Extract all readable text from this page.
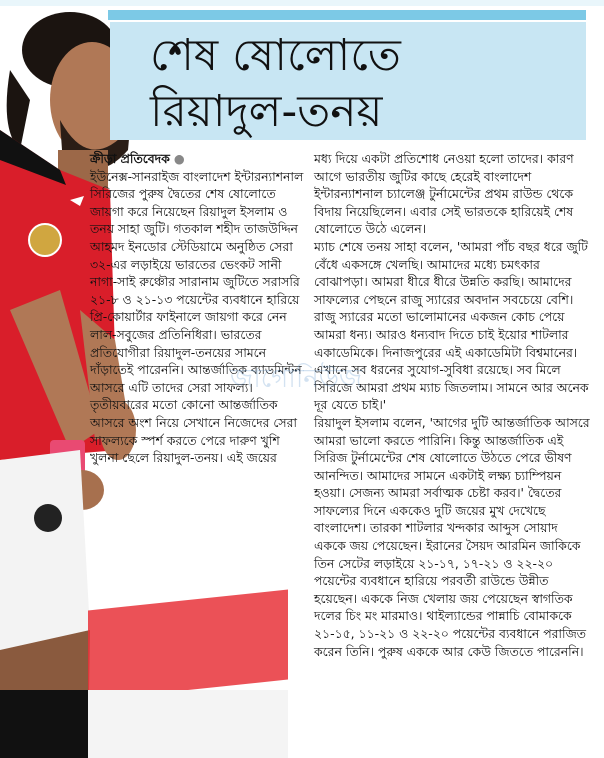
শেষ ষোলোতে
রিয়াদুল-তনয়

ক্রীড়া প্রতিবেদক ●

ইউনেক্স-সানরাইজ বাংলাদেশ ইন্টারন্যাশনাল সিরিজের পুরুষ দ্বৈতের শেষ ষোলোতে জায়গা করে নিয়েছেন রিয়াদুল ইসলাম ও তনয় সাহা জুটি। গতকাল শহীদ তাজউদ্দিন আহমদ ইনডোর স্টেডিয়ামে অনুষ্ঠিত সেরা ৩২-এর লড়াইয়ে ভারতের ভেংকট সানী নাগা-সাই রুঞ্চৌর সারানাম জুটিতে সরাসরি ২১-৮ ও ২১-১৩ পয়েন্টের ব্যবধানে হারিয়ে প্রি-কোয়ার্টার ফাইনালে জায়গা করে নেন লাল-সবুজের প্রতিনিধিরা। ভারতের প্রতিযোগীরা রিয়াদুল-তনয়ের সামনে দাঁড়াতেই পারেননি। আন্তর্জাতিক ব্যাডমিন্টন আসরে এটি তাদের সেরা সাফল্য।

তৃতীয়বারের মতো কোনো আন্তর্জাতিক আসরে অংশ নিয়ে সেখানে নিজেদের সেরা সাফল্যকে স্পর্শ করতে পেরে দারুণ খুশি খুলনা ছেলে রিয়াদুল-তনয়। এই জয়ের

মধ্য দিয়ে একটা প্রতিশোধ নেওয়া হলো তাদের। কারণ আগে ভারতীয় জুটির কাছে হেরেই বাংলাদেশ ইন্টারন্যাশনাল চ্যালেঞ্জ টুর্নামেন্টের প্রথম রাউন্ড থেকে বিদায় নিয়েছিলেন। এবার সেই ভারতকে হারিয়েই শেষ ষোলোতে উঠে এলেন।

ম্যাচ শেষে তনয় সাহা বলেন, 'আমরা পাঁচ বছর ধরে জুটি বেঁধে একসঙ্গে খেলছি। আমাদের মধ্যে চমৎকার বোঝাপড়া। আমরা ধীরে ধীরে উন্নতি করছি। আমাদের সাফল্যের পেছনে রাজু স্যারের অবদান সবচেয়ে বেশি। রাজু স্যারের মতো ভালোমানের একজন কোচ পেয়ে আমরা ধন্য। আরও ধন্যবাদ দিতে চাই ইয়োর শাটলার একাডেমিকে। দিনাজপুরের এই একাডেমিটা বিশ্বমানের। এখানে সব ধরনের সুযোগ-সুবিধা রয়েছে। সব মিলে সিরিজে আমরা প্রথম ম্যাচ জিতলাম। সামনে আর অনেক দূর যেতে চাই।'

রিয়াদুল ইসলাম বলেন, 'আগের দুটি আন্তর্জাতিক আসরে আমরা ভালো করতে পারিনি। কিন্তু আন্তর্জাতিক এই সিরিজ টুর্নামেন্টের শেষ ষোলোতে উঠতে পেরে ভীষণ আনন্দিত। আমাদের সামনে একটাই লক্ষ্য চ্যাম্পিয়ন হওয়া। সেজন্য আমরা সর্বাত্মক চেষ্টা করব।' দ্বৈতের সাফল্যের দিনে এককেও দুটি জয়ের মুখ দেখেছে বাংলাদেশ। তারকা শাটলার খন্দকার আব্দুস সোয়াদ এককে জয় পেয়েছেন। ইরানের সৈয়দ আরমিন জাকিকে তিন সেটের লড়াইয়ে ২১-১৭, ১৭-২১ ও ২২-২০ পয়েন্টের ব্যবধানে হারিয়ে পরবর্তী রাউন্ডে উন্নীত হয়েছেন। এককে নিজ খেলায় জয় পেয়েছেন স্বাগতিক দলের চিং মং মারমাও। থাইল্যান্ডের পান্নাচি বোমাককে ২১-১৫, ১১-২১ ও ২২-২০ পয়েন্টের ব্যবধানে পরাজিত করেন তিনি। পুরুষ এককে আর কেউ জিততে পারেননি।

জাগোনিউজ
